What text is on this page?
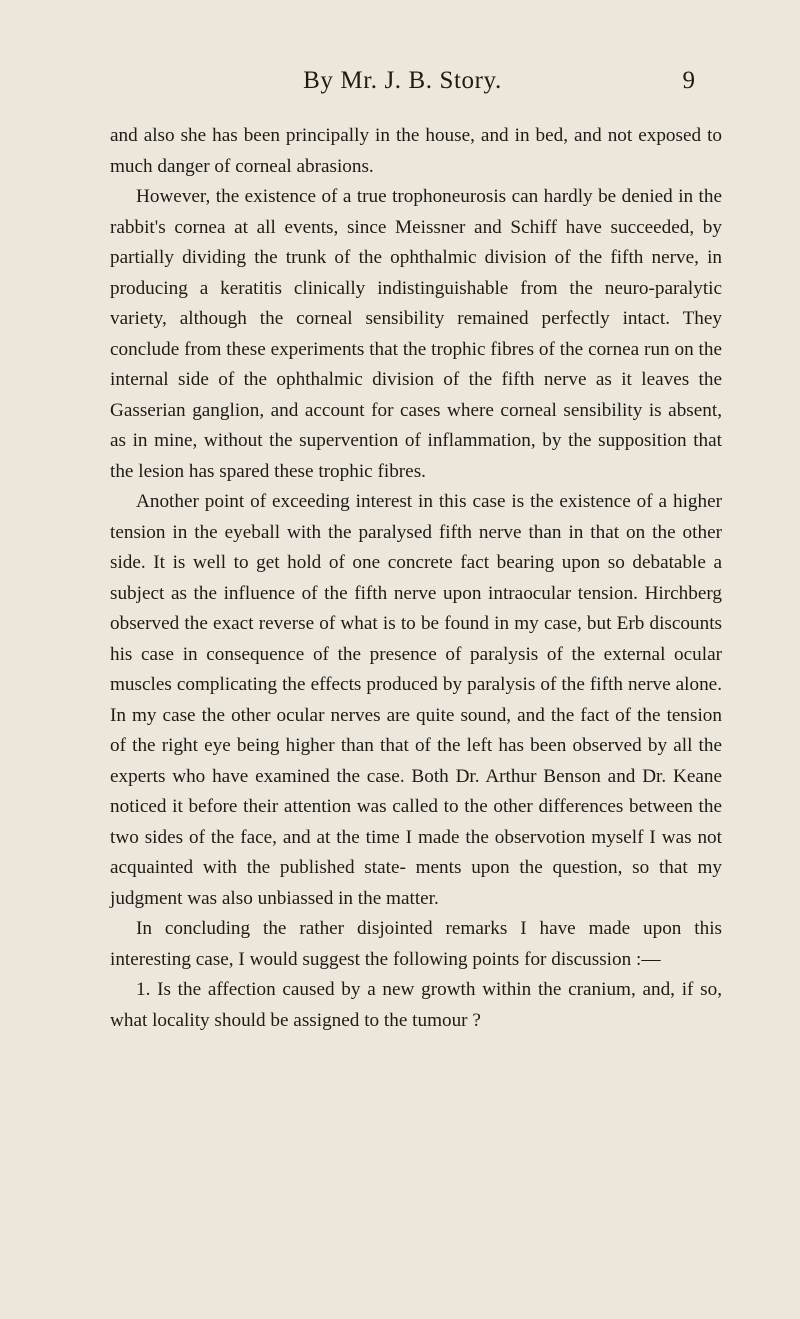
By Mr. J. B. Story.	9

and also she has been principally in the house, and in bed, and not exposed to much danger of corneal abrasions.

However, the existence of a true trophoneurosis can hardly be denied in the rabbit's cornea at all events, since Meissner and Schiff have succeeded, by partially dividing the trunk of the ophthalmic division of the fifth nerve, in producing a keratitis clinically indistinguishable from the neuro-paralytic variety, although the corneal sensibility remained perfectly intact. They conclude from these experiments that the trophic fibres of the cornea run on the internal side of the ophthalmic division of the fifth nerve as it leaves the Gasserian ganglion, and account for cases where corneal sensibility is absent, as in mine, without the supervention of inflammation, by the supposition that the lesion has spared these trophic fibres.

Another point of exceeding interest in this case is the existence of a higher tension in the eyeball with the paralysed fifth nerve than in that on the other side. It is well to get hold of one concrete fact bearing upon so debatable a subject as the influence of the fifth nerve upon intraocular tension. Hirchberg observed the exact reverse of what is to be found in my case, but Erb discounts his case in consequence of the presence of paralysis of the external ocular muscles complicating the effects produced by paralysis of the fifth nerve alone. In my case the other ocular nerves are quite sound, and the fact of the tension of the right eye being higher than that of the left has been observed by all the experts who have examined the case. Both Dr. Arthur Benson and Dr. Keane noticed it before their attention was called to the other differences between the two sides of the face, and at the time I made the observotion myself I was not acquainted with the published state- ments upon the question, so that my judgment was also unbiassed in the matter.

In concluding the rather disjointed remarks I have made upon this interesting case, I would suggest the following points for discussion :—

1. Is the affection caused by a new growth within the cranium, and, if so, what locality should be assigned to the tumour ?
